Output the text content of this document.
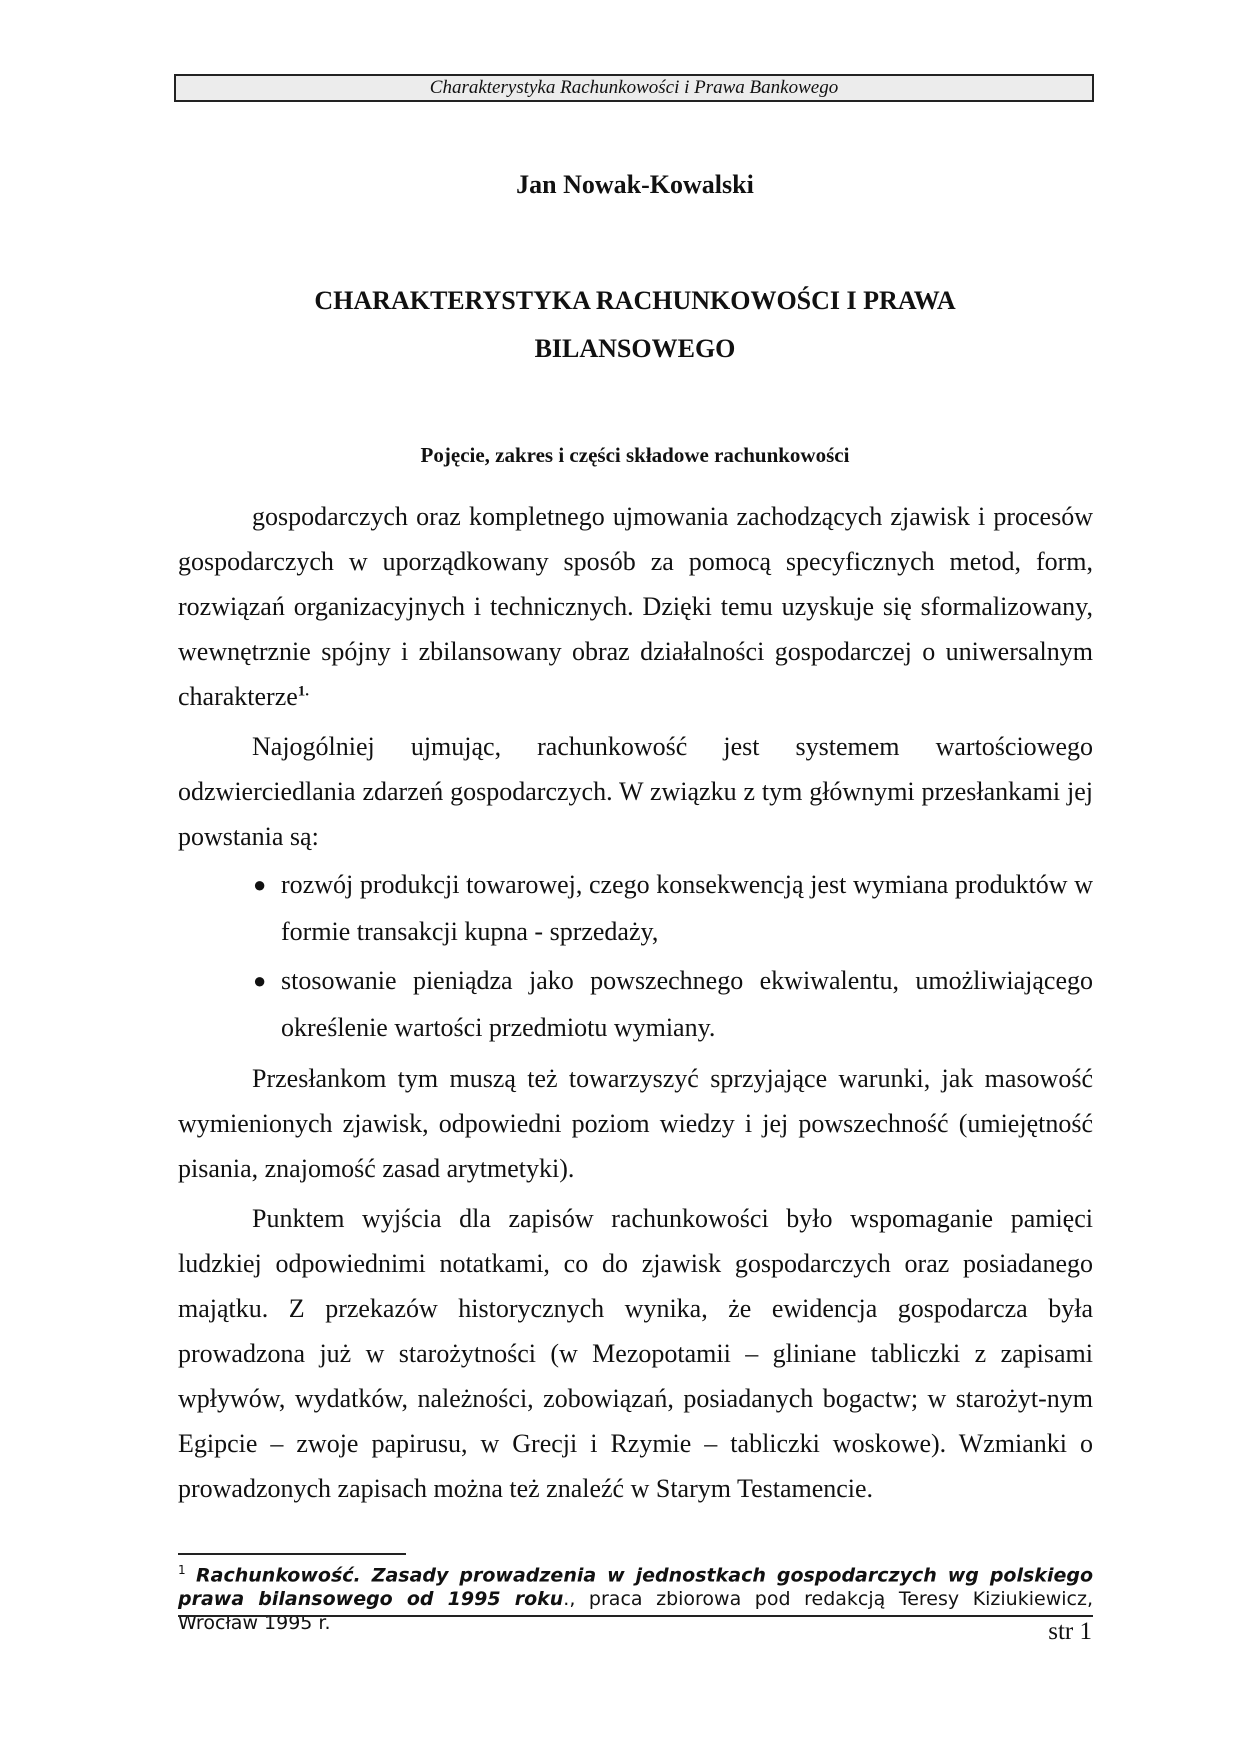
Charakterystyka Rachunkowości i Prawa Bankowego
Jan Nowak-Kowalski
CHARAKTERYSTYKA RACHUNKOWOŚCI I PRAWA
BILANSOWEGO
Pojęcie, zakres i części składowe rachunkowości

gospodarczych oraz kompletnego ujmowania zachodzących zjawisk i procesów gospodarczych w uporządkowany sposób za pomocą specyficznych metod, form, rozwiązań organizacyjnych i technicznych. Dzięki temu uzyskuje się sformalizowany, wewnętrznie spójny i zbilansowany obraz działalności gospodarczej o uniwersalnym charakterze$^{1.}$

Najogólniej ujmując, rachunkowość jest systemem wartościowego odzwierciedlania zdarzeń gospodarczych. W związku z tym głównymi przesłankami jej powstania są:

● rozwój produkcji towarowej, czego konsekwencją jest wymiana produktów w formie transakcji kupna - sprzedaży,
● stosowanie pieniądza jako powszechnego ekwiwalentu, umożliwiającego określenie wartości przedmiotu wymiany.

Przesłankom tym muszą też towarzyszyć sprzyjające warunki, jak masowość wymienionych zjawisk, odpowiedni poziom wiedzy i jej powszechność (umiejętność pisania, znajomość zasad arytmetyki).

Punktem wyjścia dla zapisów rachunkowości było wspomaganie pamięci ludzkiej odpowiednimi notatkami, co do zjawisk gospodarczych oraz posiadanego majątku. Z przekazów historycznych wynika, że ewidencja gospodarcza była prowadzona już w starożytności (w Mezopotamii – gliniane tabliczki z zapisami wpływów, wydatków, należności, zobowiązań, posiadanych bogactw; w starożyt-nym Egipcie – zwoje papirusu, w Grecji i Rzymie – tabliczki woskowe). Wzmianki o prowadzonych zapisach można też znaleźć w Starym Testamencie.

$^1$ Rachunkowość. Zasady prowadzenia w jednostkach gospodarczych wg polskiego prawa bilansowego od 1995 roku., praca zbiorowa pod redakcją Teresy Kiziukiewicz, Wrocław 1995 r.	str 1
